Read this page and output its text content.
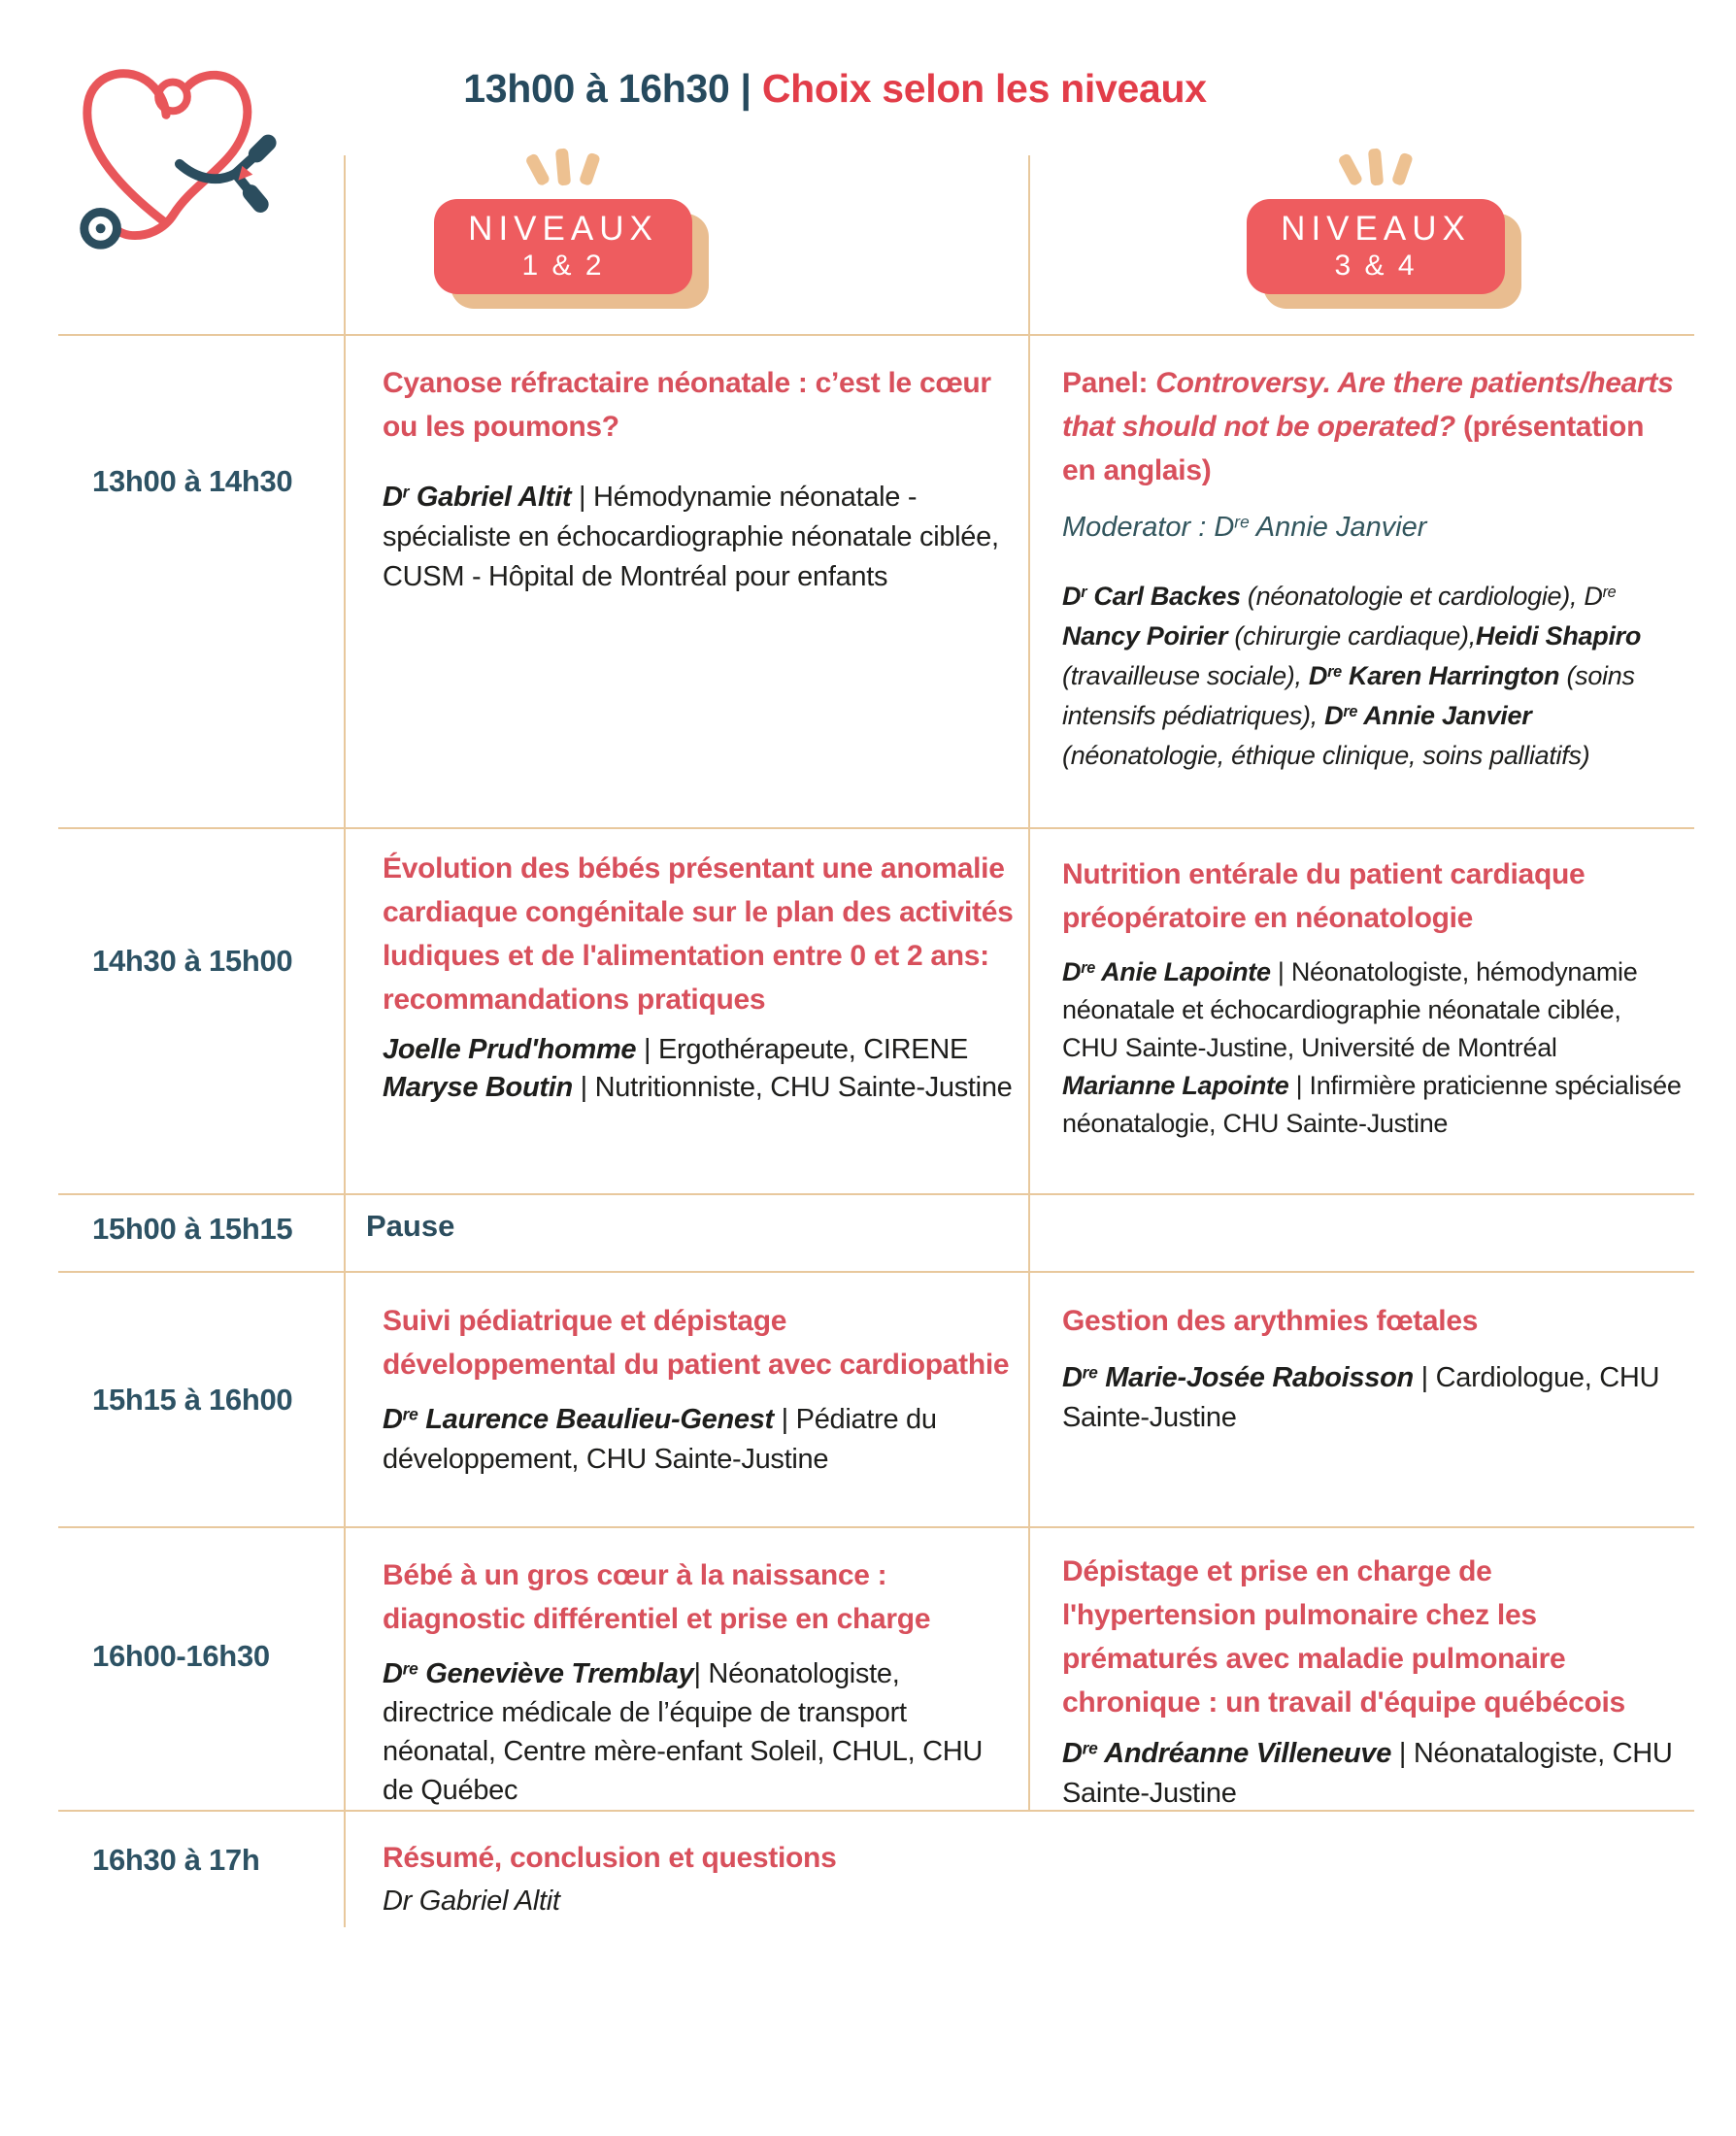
13h00 à 16h30 | Choix selon les niveaux
NIVEAUX
1 & 2
NIVEAUX
3 & 4
13h00 à 14h30
14h30 à 15h00
15h00 à 15h15
15h15 à 16h00
16h00-16h30
16h30 à 17h
Cyanose réfractaire néonatale : c’est le cœur ou les poumons?
$D^r$ Gabriel Altit | Hémodynamie néonatale - spécialiste en échocardiographie néonatale ciblée, CUSM - Hôpital de Montréal pour enfants
Panel: Controversy. Are there patients/hearts that should not be operated? (présentation en anglais)
Moderator : Dre Annie Janvier
$D^r$ Carl Backes (néonatologie et cardiologie), Dre Nancy Poirier (chirurgie cardiaque),Heidi Shapiro (travailleuse sociale), Dre Karen Harrington (soins intensifs pédiatriques), Dre Annie Janvier (néonatologie, éthique clinique, soins palliatifs)
Évolution des bébés présentant une anomalie cardiaque congénitale sur le plan des activités ludiques et de l'alimentation entre 0 et 2 ans: recommandations pratiques
Joelle Prud'homme | Ergothérapeute, CIRENE
Maryse Boutin | Nutritionniste, CHU Sainte-Justine
Nutrition entérale du patient cardiaque préopératoire en néonatologie
Dre Anie Lapointe | Néonatologiste, hémodynamie néonatale et échocardiographie néonatale ciblée, CHU Sainte-Justine, Université de Montréal
Marianne Lapointe | Infirmière praticienne spécialisée néonatalogie, CHU Sainte-Justine
Pause
Suivi pédiatrique et dépistage développemental du patient avec cardiopathie
Dre Laurence Beaulieu-Genest | Pédiatre du développement, CHU Sainte-Justine
Gestion des arythmies fœtales
Dre Marie-Josée Raboisson | Cardiologue, CHU Sainte-Justine
Bébé à un gros cœur à la naissance : diagnostic différentiel et prise en charge
Dre Geneviève Tremblay| Néonatologiste, directrice médicale de l’équipe de transport néonatal, Centre mère-enfant Soleil, CHUL, CHU de Québec
Dépistage et prise en charge de l'hypertension pulmonaire chez les prématurés avec maladie pulmonaire chronique : un travail d'équipe québécois
Dre Andréanne Villeneuve | Néonatalogiste, CHU Sainte-Justine
Résumé, conclusion et questions
Dr Gabriel Altit
